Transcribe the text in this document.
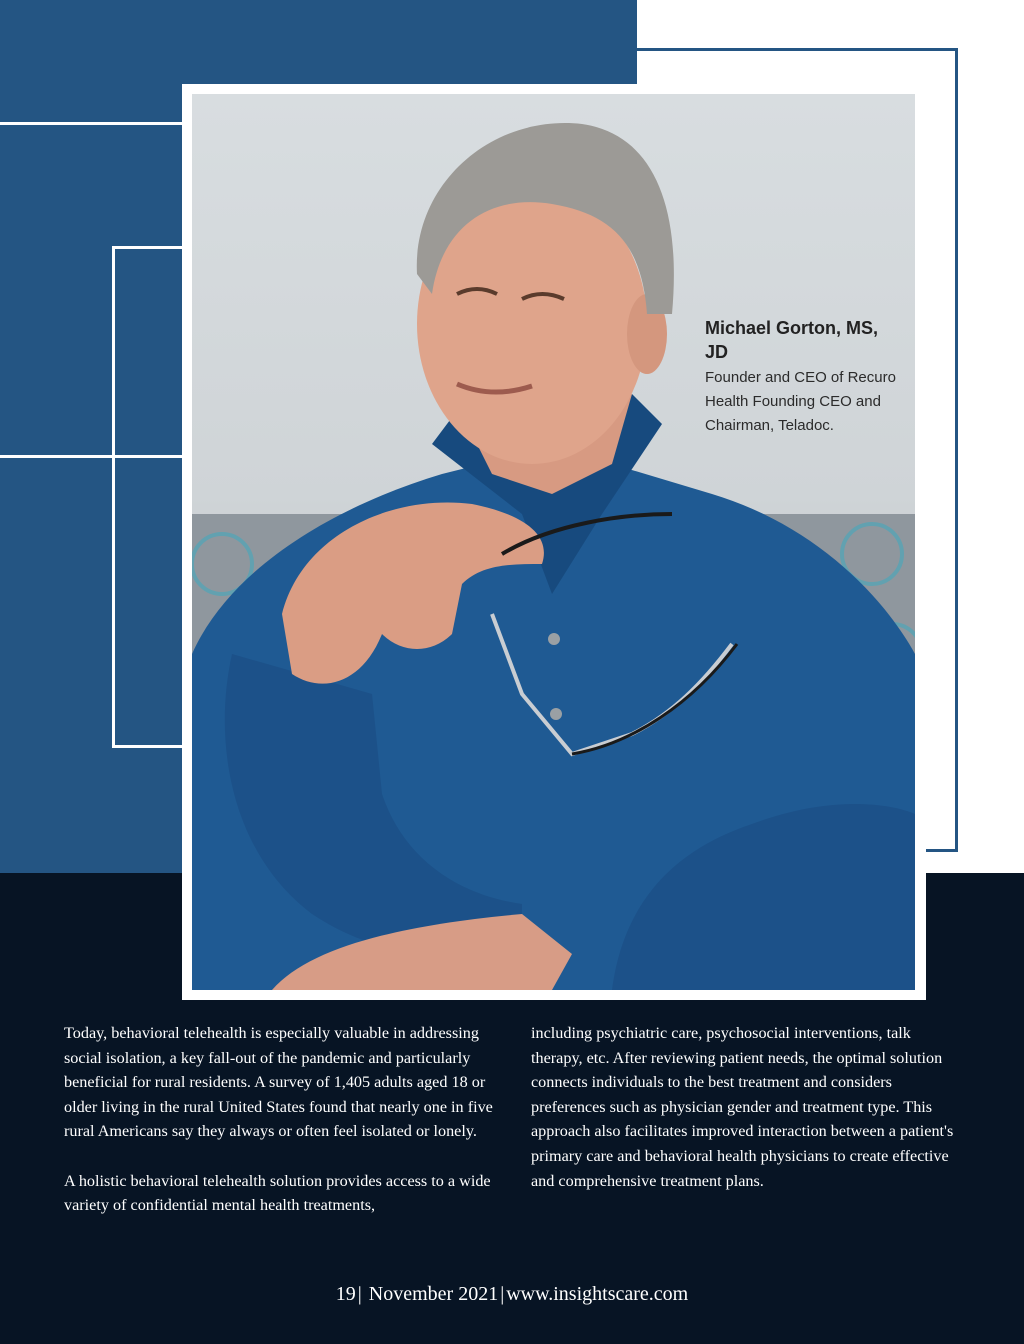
Michael Gorton, MS, JD
Founder and CEO of Recuro Health Founding CEO and Chairman, Teladoc.

Today, behavioral telehealth is especially valuable in addressing social isolation, a key fall-out of the pandemic and particularly beneficial for rural residents. A survey of 1,405 adults aged 18 or older living in the rural United States found that nearly one in five rural Americans say they always or often feel isolated or lonely.

A holistic behavioral telehealth solution provides access to a wide variety of confidential mental health treatments,

including psychiatric care, psychosocial interventions, talk therapy, etc. After reviewing patient needs, the optimal solution connects individuals to the best treatment and considers preferences such as physician gender and treatment type. This approach also facilitates improved interaction between a patient's primary care and behavioral health physicians to create effective and comprehensive treatment plans.

19 | November 2021 | www.insightscare.com
